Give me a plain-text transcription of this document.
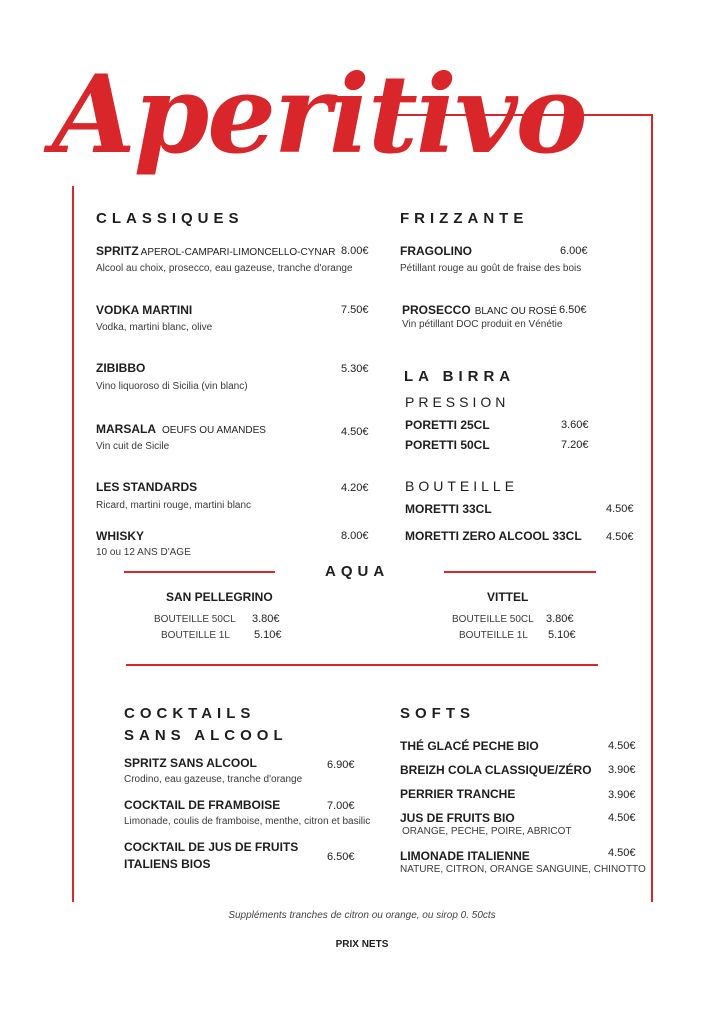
Aperitivo
CLASSIQUES
SPRITZ APEROL-CAMPARI-LIMONCELLO-CYNAR 8.00€
Alcool au choix, prosecco, eau gazeuse, tranche d'orange
VODKA MARTINI	7.50€
Vodka, martini blanc, olive
ZIBIBBO	5.30€
Vino liquoroso di Sicilia (vin blanc)
MARSALA OEUFS OU AMANDES	4.50€
Vin cuit de Sicile
LES STANDARDS	4.20€
Ricard, martini rouge, martini blanc
WHISKY	8.00€
10 ou 12 ANS D'AGE
FRIZZANTE
FRAGOLINO	6.00€
Pétillant rouge au goût de fraise des bois
PROSECCO BLANC OU ROSÉ 6.50€
Vin pétillant DOC produit en Vénétie
LA BIRRA
PRESSION
PORETTI 25CL	3.60€
PORETTI 50CL	7.20€
BOUTEILLE
MORETTI 33CL	4.50€
MORETTI ZERO ALCOOL 33CL 4.50€
AQUA
SAN PELLEGRINO
BOUTEILLE 50CL 3.80€
BOUTEILLE 1L 5.10€
VITTEL
BOUTEILLE 50CL 3.80€
BOUTEILLE 1L 5.10€
COCKTAILS
SANS ALCOOL
SPRITZ SANS ALCOOL	6.90€
Crodino, eau gazeuse, tranche d'orange
COCKTAIL DE FRAMBOISE	7.00€
Limonade, coulis de framboise, menthe, citron et basilic
COCKTAIL DE JUS DE FRUITS
ITALIENS BIOS	6.50€
SOFTS
THÉ GLACÉ PECHE BIO	4.50€
BREIZH COLA CLASSIQUE/ZÉRO 3.90€
PERRIER TRANCHE	3.90€
JUS DE FRUITS BIO	4.50€
ORANGE, PECHE, POIRE, ABRICOT
LIMONADE ITALIENNE	4.50€
NATURE, CITRON, ORANGE SANGUINE, CHINOTTO
Suppléments tranches de citron ou orange, ou sirop 0. 50cts
PRIX NETS
